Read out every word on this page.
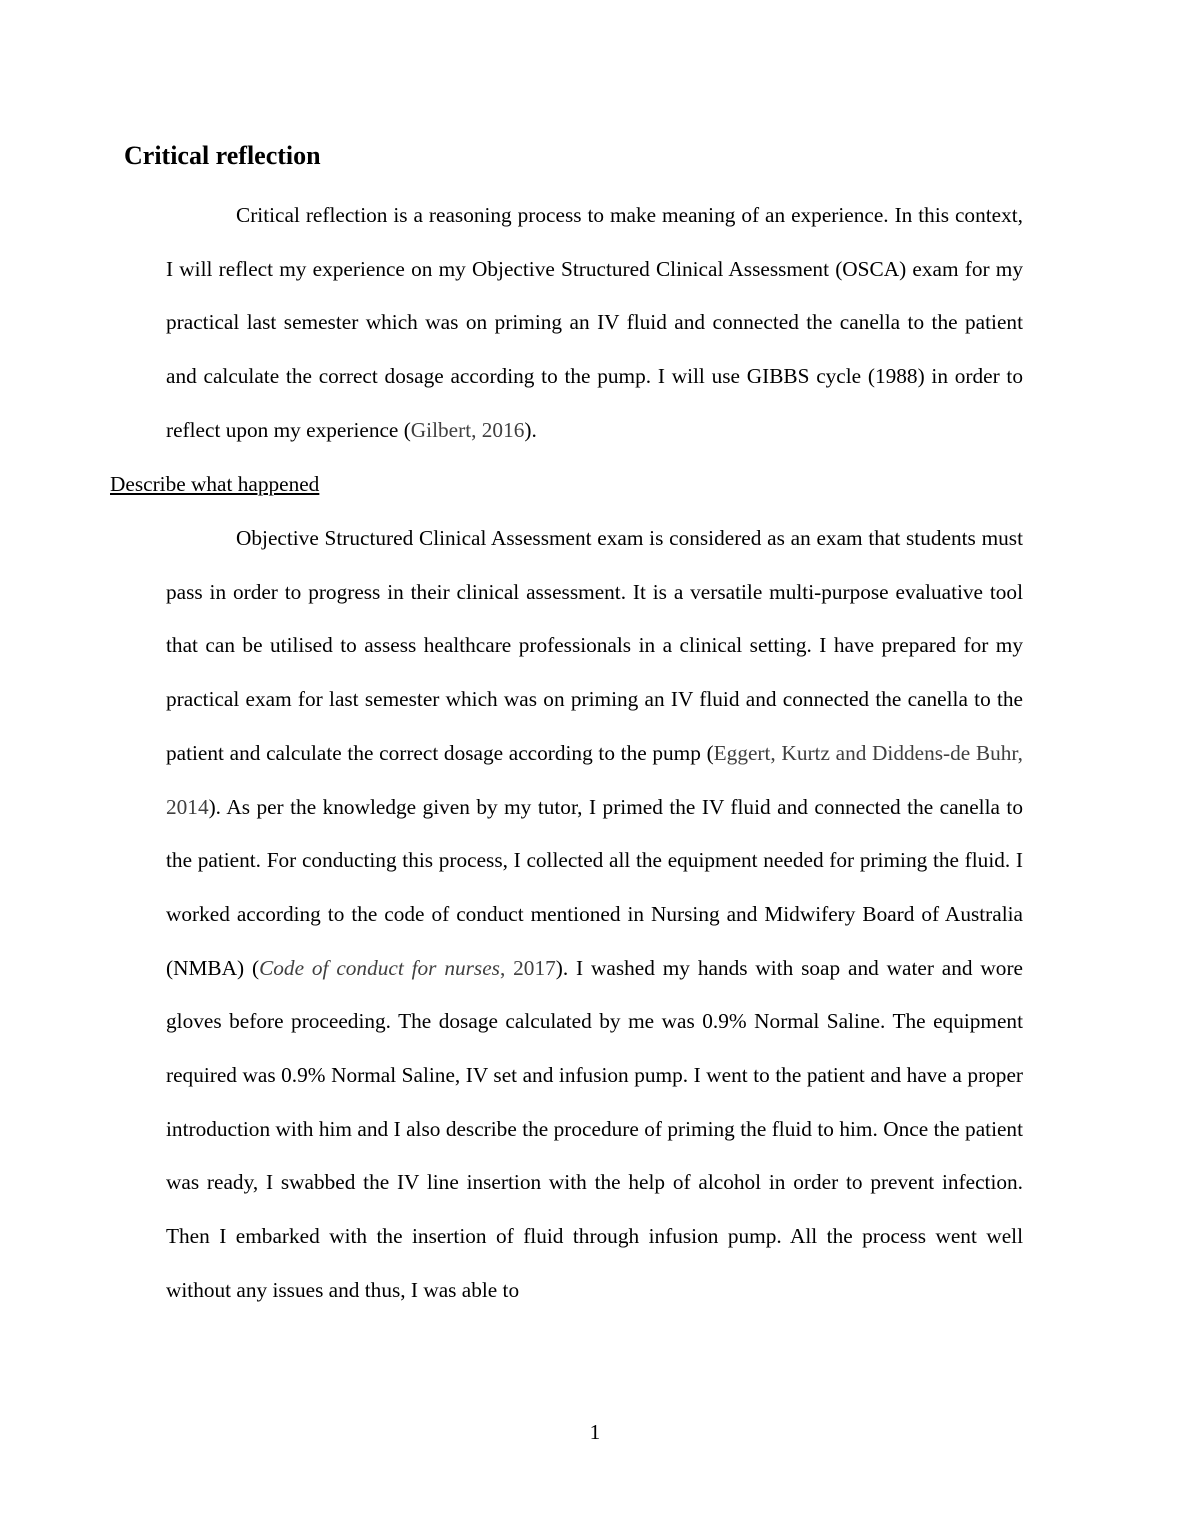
Critical reflection

Critical reflection is a reasoning process to make meaning of an experience. In this context, I will reflect my experience on my Objective Structured Clinical Assessment (OSCA) exam for my practical last semester which was on priming an IV fluid and connected the canella to the patient and calculate the correct dosage according to the pump. I will use GIBBS cycle (1988) in order to reflect upon my experience (Gilbert, 2016).

Describe what happened

Objective Structured Clinical Assessment exam is considered as an exam that students must pass in order to progress in their clinical assessment. It is a versatile multi-purpose evaluative tool that can be utilised to assess healthcare professionals in a clinical setting. I have prepared for my practical exam for last semester which was on priming an IV fluid and connected the canella to the patient and calculate the correct dosage according to the pump (Eggert, Kurtz and Diddens-de Buhr, 2014). As per the knowledge given by my tutor, I primed the IV fluid and connected the canella to the patient. For conducting this process, I collected all the equipment needed for priming the fluid. I worked according to the code of conduct mentioned in Nursing and Midwifery Board of Australia (NMBA) (Code of conduct for nurses, 2017). I washed my hands with soap and water and wore gloves before proceeding. The dosage calculated by me was 0.9% Normal Saline. The equipment required was 0.9% Normal Saline, IV set and infusion pump. I went to the patient and have a proper introduction with him and I also describe the procedure of priming the fluid to him. Once the patient was ready, I swabbed the IV line insertion with the help of alcohol in order to prevent infection. Then I embarked with the insertion of fluid through infusion pump. All the process went well without any issues and thus, I was able to

1
